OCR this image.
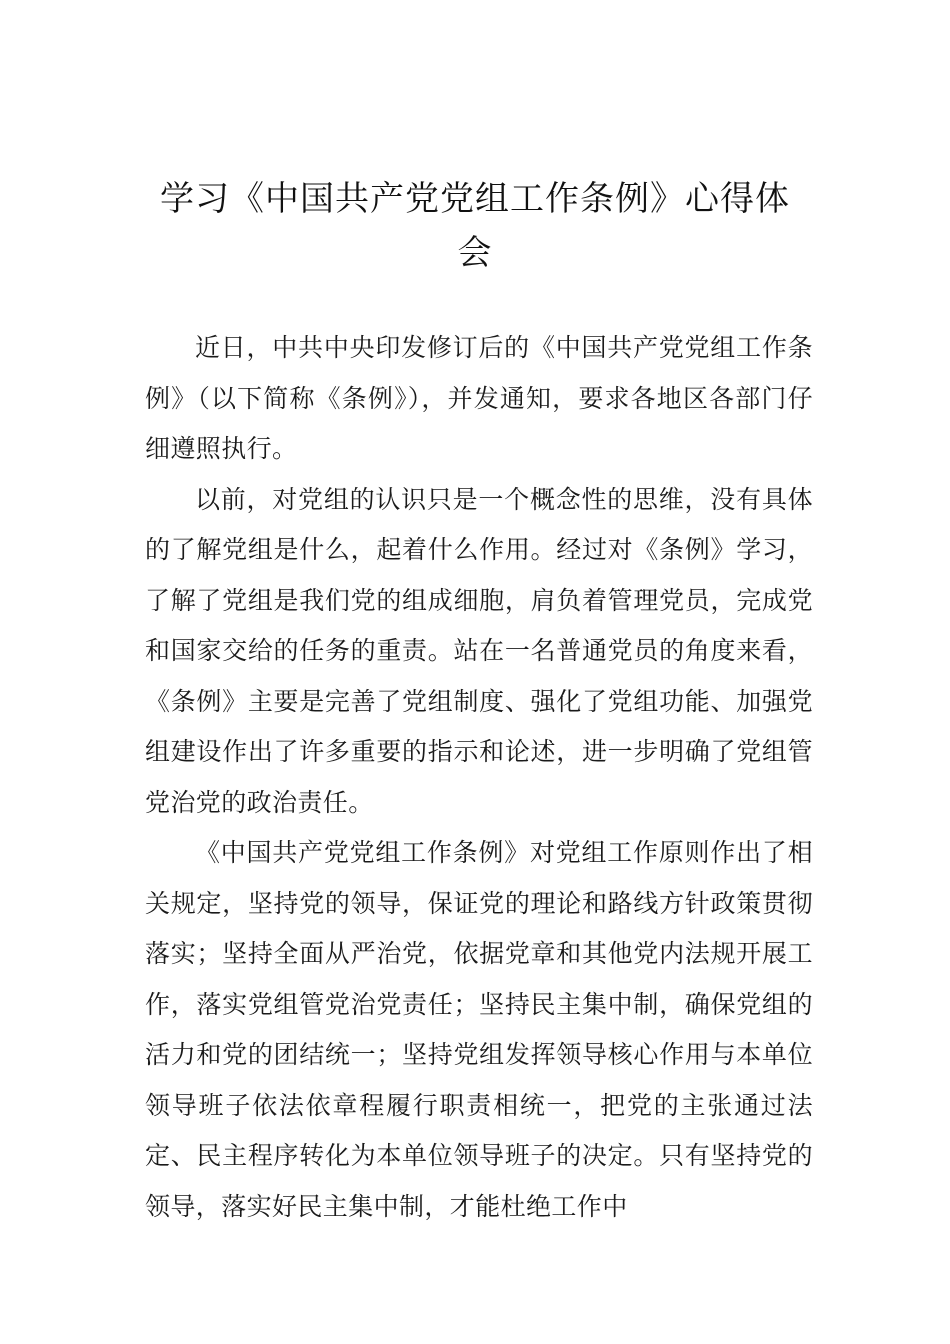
学习《中国共产党党组工作条例》心得体
会

近日，中共中央印发修订后的《中国共产党党组工作条例》（以下简称《条例》），并发通知，要求各地区各部门仔细遵照执行。

以前，对党组的认识只是一个概念性的思维，没有具体的了解党组是什么，起着什么作用。经过对《条例》学习，了解了党组是我们党的组成细胞，肩负着管理党员，完成党和国家交给的任务的重责。站在一名普通党员的角度来看，《条例》主要是完善了党组制度、强化了党组功能、加强党组建设作出了许多重要的指示和论述，进一步明确了党组管党治党的政治责任。

《中国共产党党组工作条例》对党组工作原则作出了相关规定，坚持党的领导，保证党的理论和路线方针政策贯彻落实；坚持全面从严治党，依据党章和其他党内法规开展工作，落实党组管党治党责任；坚持民主集中制，确保党组的活力和党的团结统一；坚持党组发挥领导核心作用与本单位领导班子依法依章程履行职责相统一，把党的主张通过法定、民主程序转化为本单位领导班子的决定。只有坚持党的领导，落实好民主集中制，才能杜绝工作中
